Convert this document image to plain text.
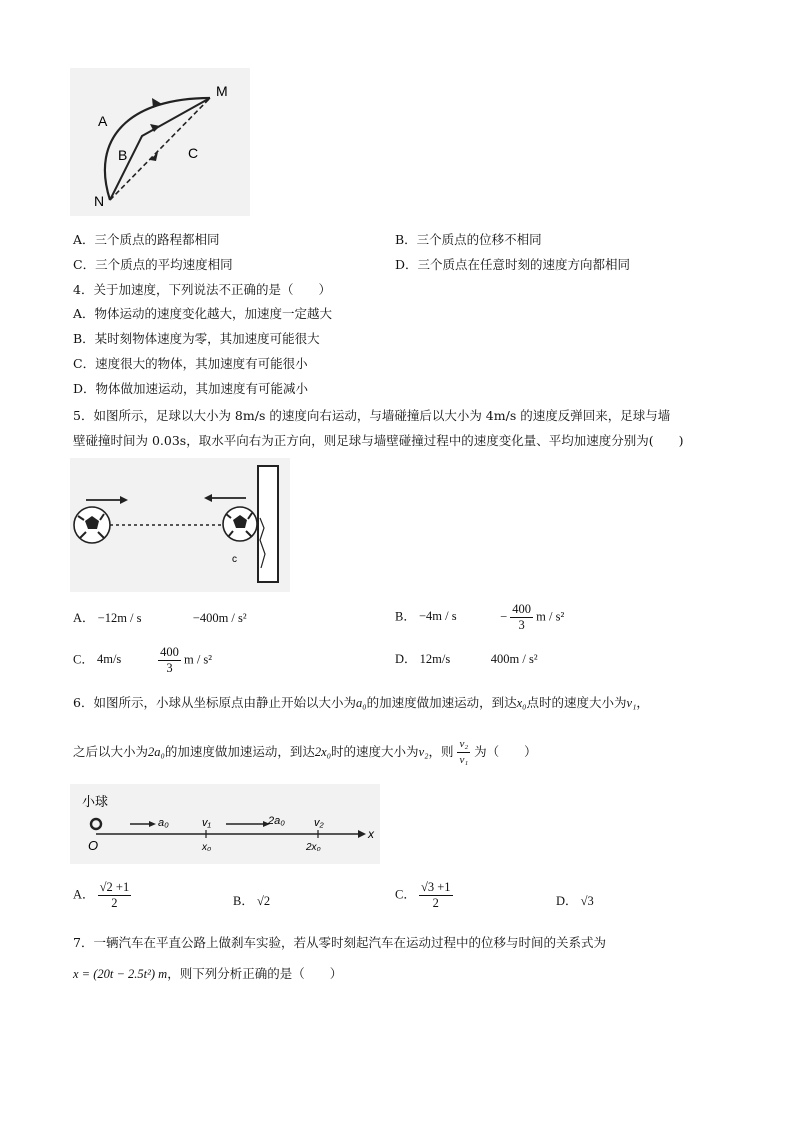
M
N
A
B	C
A．三个质点的路程都相同	B．三个质点的位移不相同
C．三个质点的平均速度相同	D．三个质点在任意时刻的速度方向都相同
4．关于加速度，下列说法不正确的是（　　）
A．物体运动的速度变化越大，加速度一定越大
B．某时刻物体速度为零，其加速度可能很大
C．速度很大的物体，其加速度有可能很小
D．物体做加速运动，其加速度有可能减小
5．如图所示，足球以大小为 8m/s 的速度向右运动，与墙碰撞后以大小为 4m/s 的速度反弹回来，足球与墙
壁碰撞时间为 0.03s，取水平向右为正方向，则足球与墙壁碰撞过程中的速度变化量、平均加速度分别为(　　)
c
A． −12m / s	−400m / s²	B． −4m / s	− $\frac{400}{3}$ m / s²
C． 4m/s	$\frac{400}{3}$ m / s²	D． 12m/s	400m / s²
6．如图所示，小球从坐标原点由静止开始以大小为a₀的加速度做加速运动，到达x₀点时的速度大小为v₁，
之后以大小为2a₀的加速度做加速运动，到达2x₀时的速度大小为v₂，则 $\frac{\text{v₂}}{\text{v₁}}$ 为（　　）
小球
a₀	v₁
x₀
2a₀	v₂
2x₀
O
x
A． $\frac{√2 +1}{2}$	B． √2	C． $\frac{√3 +1}{2}$	D． √3
7．一辆汽车在平直公路上做刹车实验，若从零时刻起汽车在运动过程中的位移与时间的关系式为
x = (20t − 2.5t²) m，则下列分析正确的是（　　）
